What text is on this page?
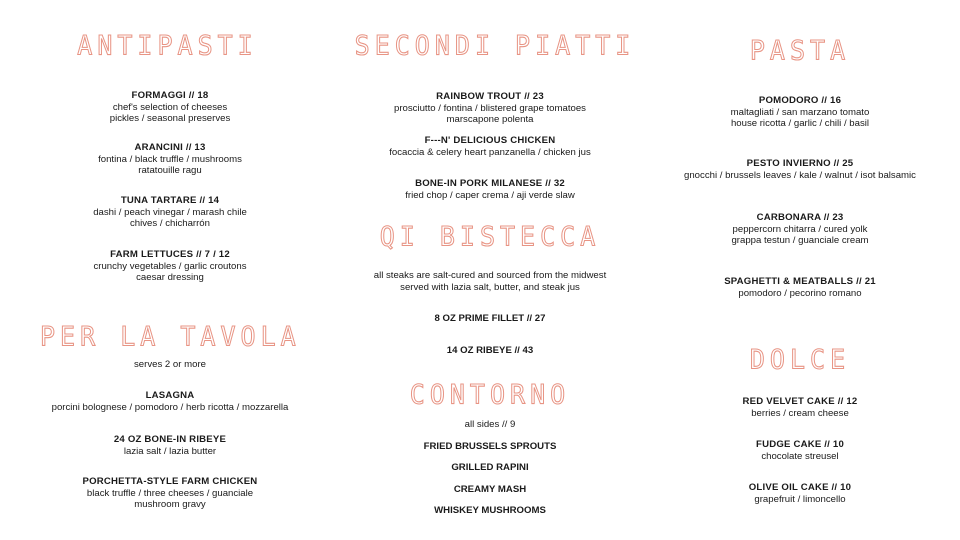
ANTIPASTI
FORMAGGI // 18
chef's selection of cheeses
pickles / seasonal preserves
ARANCINI // 13
fontina / black truffle / mushrooms
ratatouille ragu
TUNA TARTARE // 14
dashi / peach vinegar / marash chile
chives / chicharrón
FARM LETTUCES // 7 / 12
crunchy vegetables / garlic croutons
caesar dressing
PER LA TAVOLA
serves 2 or more
LASAGNA
porcini bolognese / pomodoro / herb ricotta / mozzarella
24 OZ BONE-IN RIBEYE
lazia salt / lazia butter
PORCHETTA-STYLE FARM CHICKEN
black truffle / three cheeses / guanciale
mushroom gravy
SECONDI PIATTI
RAINBOW TROUT // 23
prosciutto / fontina / blistered grape tomatoes
marscapone polenta
F---N' DELICIOUS CHICKEN
focaccia & celery heart panzanella / chicken jus
BONE-IN PORK MILANESE // 32
fried chop / caper crema / aji verde slaw
QI BISTECCA
all steaks are salt-cured and sourced from the midwest
served with lazia salt, butter, and steak jus
8 OZ PRIME FILLET // 27
14 OZ RIBEYE // 43
CONTORNO
all sides // 9
FRIED BRUSSELS SPROUTS
GRILLED RAPINI
CREAMY MASH
WHISKEY MUSHROOMS
PASTA
POMODORO // 16
maltagliati / san marzano tomato
house ricotta / garlic / chili / basil
PESTO INVIERNO // 25
gnocchi / brussels leaves / kale / walnut / isot balsamic
CARBONARA // 23
peppercorn chitarra / cured yolk
grappa testun / guanciale cream
SPAGHETTI & MEATBALLS // 21
pomodoro / pecorino romano
DOLCE
RED VELVET CAKE // 12
berries / cream cheese
FUDGE CAKE // 10
chocolate streusel
OLIVE OIL CAKE // 10
grapefruit / limoncello
